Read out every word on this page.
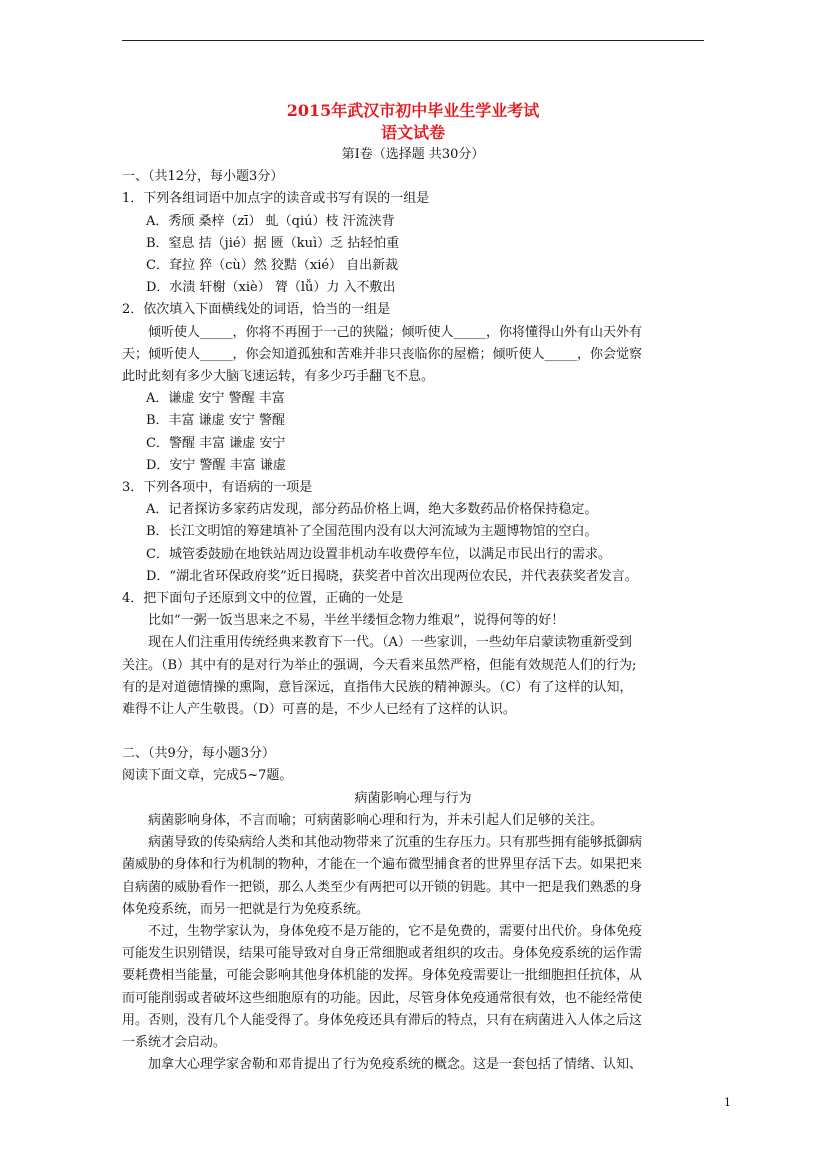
2015年武汉市初中毕业生学业考试
语文试卷
第Ⅰ卷（选择题 共30分）
一、（共12分，每小题3分）
1．下列各组词语中加点字的读音或书写有误的一组是
A．秀颀 桑梓（zī） 虬（qiú）枝 汗流浃背
B．窒息 拮（jié）据 匮（kuì）乏 拈轻怕重
C．耷拉 猝（cù）然 狡黠（xié） 自出新裁
D．水渍 轩榭（xiè） 膂（lǚ）力 入不敷出
2．依次填入下面横线处的词语，恰当的一组是
倾听使人_____，你将不再囿于一己的狭隘；倾听使人_____，你将懂得山外有山天外有
天；倾听使人_____，你会知道孤独和苦难并非只丧临你的屋檐；倾听使人_____，你会觉察
此时此刻有多少大脑飞速运转，有多少巧手翻飞不息。
A．谦虚 安宁 警醒 丰富
B．丰富 谦虚 安宁 警醒
C．警醒 丰富 谦虚 安宁
D．安宁 警醒 丰富 谦虚
3．下列各项中，有语病的一项是
A．记者探访多家药店发现，部分药品价格上调，绝大多数药品价格保持稳定。
B．长江文明馆的筹建填补了全国范围内没有以大河流域为主题博物馆的空白。
C．城管委鼓励在地铁站周边设置非机动车收费停车位，以满足市民出行的需求。
D．“湖北省环保政府奖”近日揭晓，获奖者中首次出现两位农民，并代表获奖者发言。
4．把下面句子还原到文中的位置，正确的一处是
比如“一粥一饭当思来之不易，半丝半缕恒念物力维艰”，说得何等的好！
现在人们注重用传统经典来教育下一代。（A）一些家训，一些幼年启蒙读物重新受到
关注。（B）其中有的是对行为举止的强调，今天看来虽然严格，但能有效规范人们的行为;
有的是对道德情操的熏陶，意旨深远，直指伟大民族的精神源头。（C）有了这样的认知，
难得不让人产生敬畏。（D）可喜的是，不少人已经有了这样的认识。
二、（共9分，每小题3分）
阅读下面文章，完成5~7题。
病菌影响心理与行为
病菌影响身体，不言而喻；可病菌影响心理和行为，并未引起人们足够的关注。
病菌导致的传染病给人类和其他动物带来了沉重的生存压力。只有那些拥有能够抵御病
菌威胁的身体和行为机制的物种，才能在一个遍布微型捕食者的世界里存活下去。如果把来
自病菌的威胁看作一把锁，那么人类至少有两把可以开锁的钥匙。其中一把是我们熟悉的身
体免疫系统，而另一把就是行为免疫系统。
不过，生物学家认为，身体免疫不是万能的，它不是免费的，需要付出代价。身体免疫
可能发生识别错误，结果可能导致对自身正常细胞或者组织的攻击。身体免疫系统的运作需
要耗费相当能量，可能会影响其他身体机能的发挥。身体免疫需要让一批细胞担任抗体，从
而可能削弱或者破坏这些细胞原有的功能。因此，尽管身体免疫通常很有效，也不能经常使
用。否则，没有几个人能受得了。身体免疫还具有滞后的特点，只有在病菌进入人体之后这
一系统才会启动。
加拿大心理学家舍勒和邓肯提出了行为免疫系统的概念。这是一套包括了情绪、认知、
1
